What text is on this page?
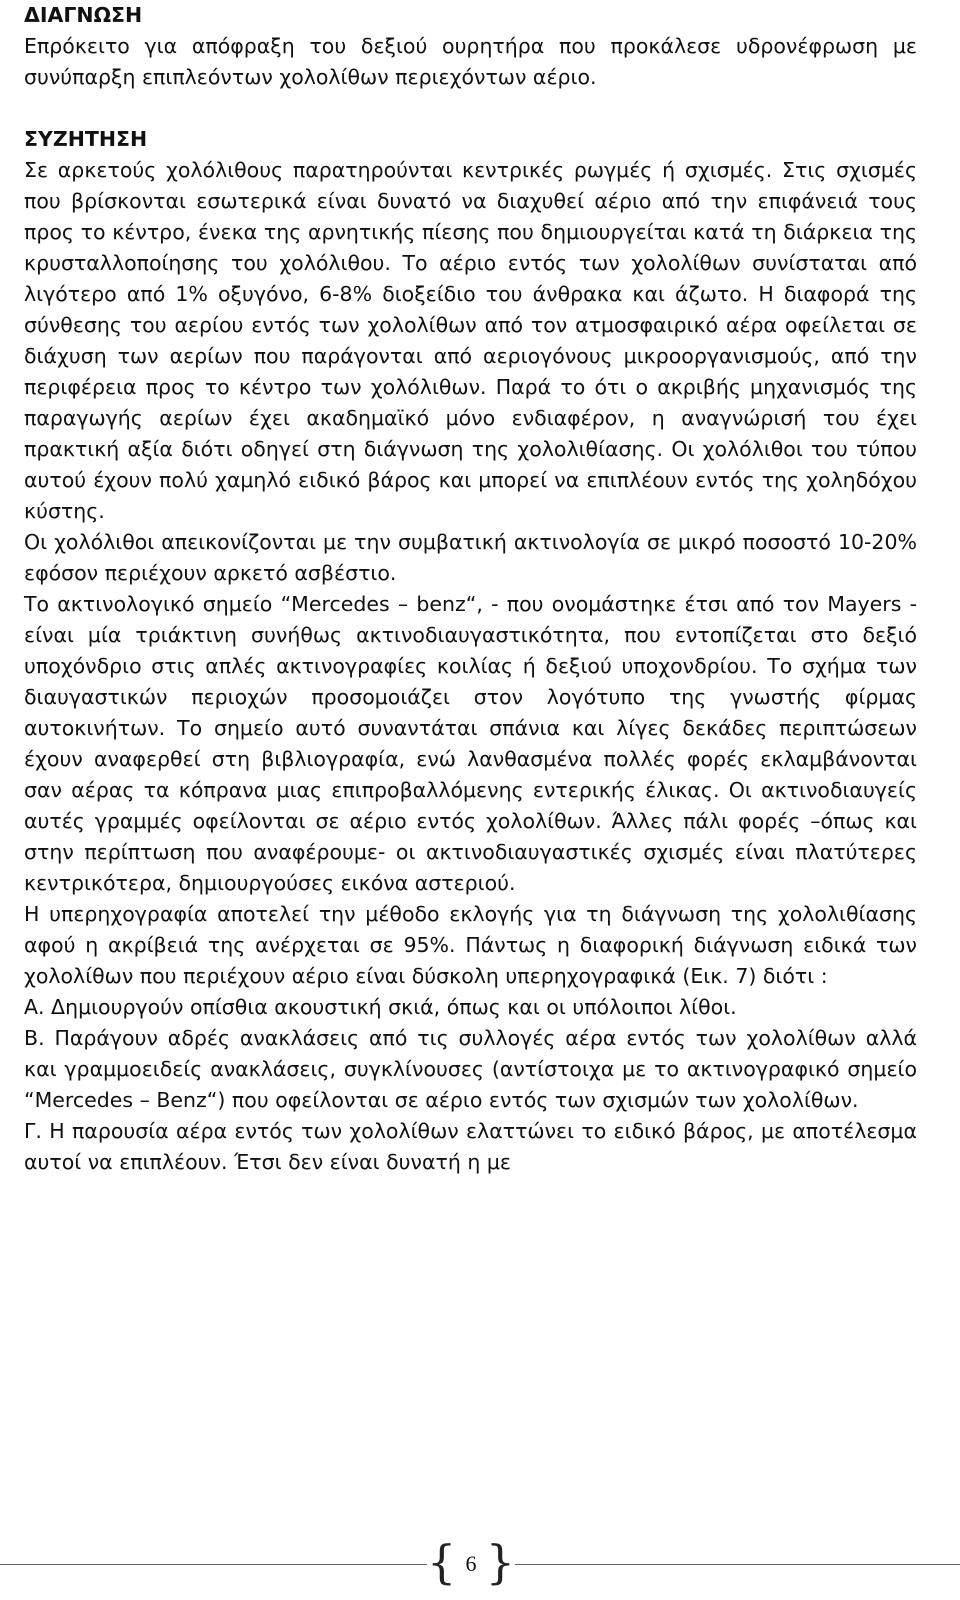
ΔΙΑΓΝΩΣΗ

Επρόκειτο για απόφραξη του δεξιού ουρητήρα που προκάλεσε υδρονέφρωση με συνύπαρξη επιπλεόντων χολολίθων περιεχόντων αέριο.

ΣΥΖΗΤΗΣΗ

Σε αρκετούς χολόλιθους παρατηρούνται κεντρικές ρωγμές ή σχισμές. Στις σχισμές που βρίσκονται εσωτερικά είναι δυνατό να διαχυθεί αέριο από την επιφάνειά τους προς το κέντρο, ένεκα της αρνητικής πίεσης που δημιουργείται κατά τη διάρκεια της κρυσταλλοποίησης του χολόλιθου. Το αέριο εντός των χολολίθων συνίσταται από λιγότερο από 1% οξυγόνο, 6-8% διοξείδιο του άνθρακα και άζωτο. Η διαφορά της σύνθεσης του αερίου εντός των χολολίθων από τον ατμοσφαιρικό αέρα οφείλεται σε διάχυση των αερίων που παράγονται από αεριογόνους μικροοργανισμούς, από την περιφέρεια προς το κέντρο των χολόλιθων. Παρά το ότι ο ακριβής μηχανισμός της παραγωγής αερίων έχει ακαδημαϊκό μόνο ενδιαφέρον, η αναγνώρισή του έχει πρακτική αξία διότι οδηγεί στη διάγνωση της χολολιθίασης. Οι χολόλιθοι του τύπου αυτού έχουν πολύ χαμηλό ειδικό βάρος και μπορεί να επιπλέουν εντός της χοληδόχου κύστης.

Οι χολόλιθοι απεικονίζονται με την συμβατική ακτινολογία σε μικρό ποσοστό 10-20% εφόσον περιέχουν αρκετό ασβέστιο.

Το ακτινολογικό σημείο “Mercedes – benz“, - που ονομάστηκε έτσι από τον Mayers - είναι μία τριάκτινη συνήθως ακτινοδιαυγαστικότητα, που εντοπίζεται στο δεξιό υποχόνδριο στις απλές ακτινογραφίες κοιλίας ή δεξιού υποχονδρίου. Το σχήμα των διαυγαστικών περιοχών προσομοιάζει στον λογότυπο της γνωστής φίρμας αυτοκινήτων. Το σημείο αυτό συναντάται σπάνια και λίγες δεκάδες περιπτώσεων έχουν αναφερθεί στη βιβλιογραφία, ενώ λανθασμένα πολλές φορές εκλαμβάνονται σαν αέρας τα κόπρανα μιας επιπροβαλλόμενης εντερικής έλικας. Οι ακτινοδιαυγείς αυτές γραμμές οφείλονται σε αέριο εντός χολολίθων. Άλλες πάλι φορές –όπως και στην περίπτωση που αναφέρουμε- οι ακτινοδιαυγαστικές σχισμές είναι πλατύτερες κεντρικότερα, δημιουργούσες εικόνα αστεριού.

Η υπερηχογραφία αποτελεί την μέθοδο εκλογής για τη διάγνωση της χολολιθίασης αφού η ακρίβειά της ανέρχεται σε 95%. Πάντως η διαφορική διάγνωση ειδικά των χολολίθων που περιέχουν αέριο είναι δύσκολη υπερηχογραφικά (Εικ. 7) διότι :

Α. Δημιουργούν οπίσθια ακουστική σκιά, όπως και οι υπόλοιποι λίθοι.

Β. Παράγουν αδρές ανακλάσεις από τις συλλογές αέρα εντός των χολολίθων αλλά και γραμμοειδείς ανακλάσεις, συγκλίνουσες (αντίστοιχα με το ακτινογραφικό σημείο “Mercedes – Benz“) που οφείλονται σε αέριο εντός των σχισμών των χολολίθων.

Γ. Η παρουσία αέρα εντός των χολολίθων ελαττώνει το ειδικό βάρος, με αποτέλεσμα αυτοί να επιπλέουν. Έτσι δεν είναι δυνατή η με

{ 6 }
